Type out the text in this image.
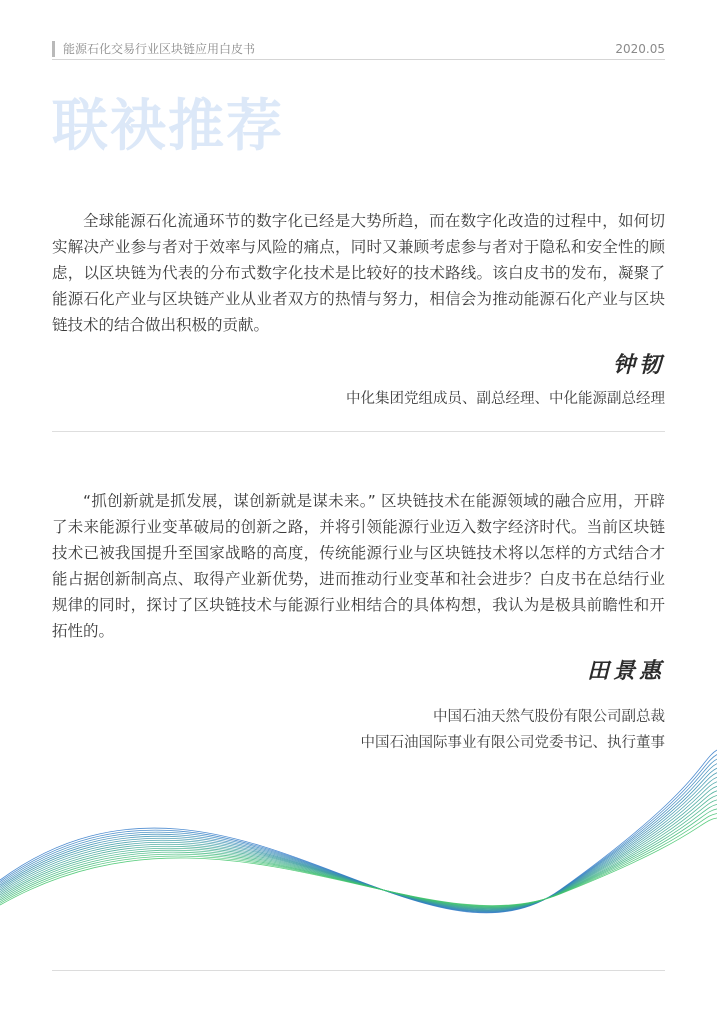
能源石化交易行业区块链应用白皮书	2020.05
联袂推荐

全球能源石化流通环节的数字化已经是大势所趋，而在数字化改造的过程中，如何切实解决产业参与者对于效率与风险的痛点，同时又兼顾考虑参与者对于隐私和安全性的顾虑，以区块链为代表的分布式数字化技术是比较好的技术路线。该白皮书的发布，凝聚了能源石化产业与区块链产业从业者双方的热情与努力，相信会为推动能源石化产业与区块链技术的结合做出积极的贡献。

钟韧
中化集团党组成员、副总经理、中化能源副总经理

“抓创新就是抓发展，谋创新就是谋未来。” 区块链技术在能源领域的融合应用，开辟了未来能源行业变革破局的创新之路，并将引领能源行业迈入数字经济时代。当前区块链技术已被我国提升至国家战略的高度，传统能源行业与区块链技术将以怎样的方式结合才能占据创新制高点、取得产业新优势，进而推动行业变革和社会进步？白皮书在总结行业规律的同时，探讨了区块链技术与能源行业相结合的具体构想，我认为是极具前瞻性和开拓性的。

田景惠
中国石油天然气股份有限公司副总裁
中国石油国际事业有限公司党委书记、执行董事
